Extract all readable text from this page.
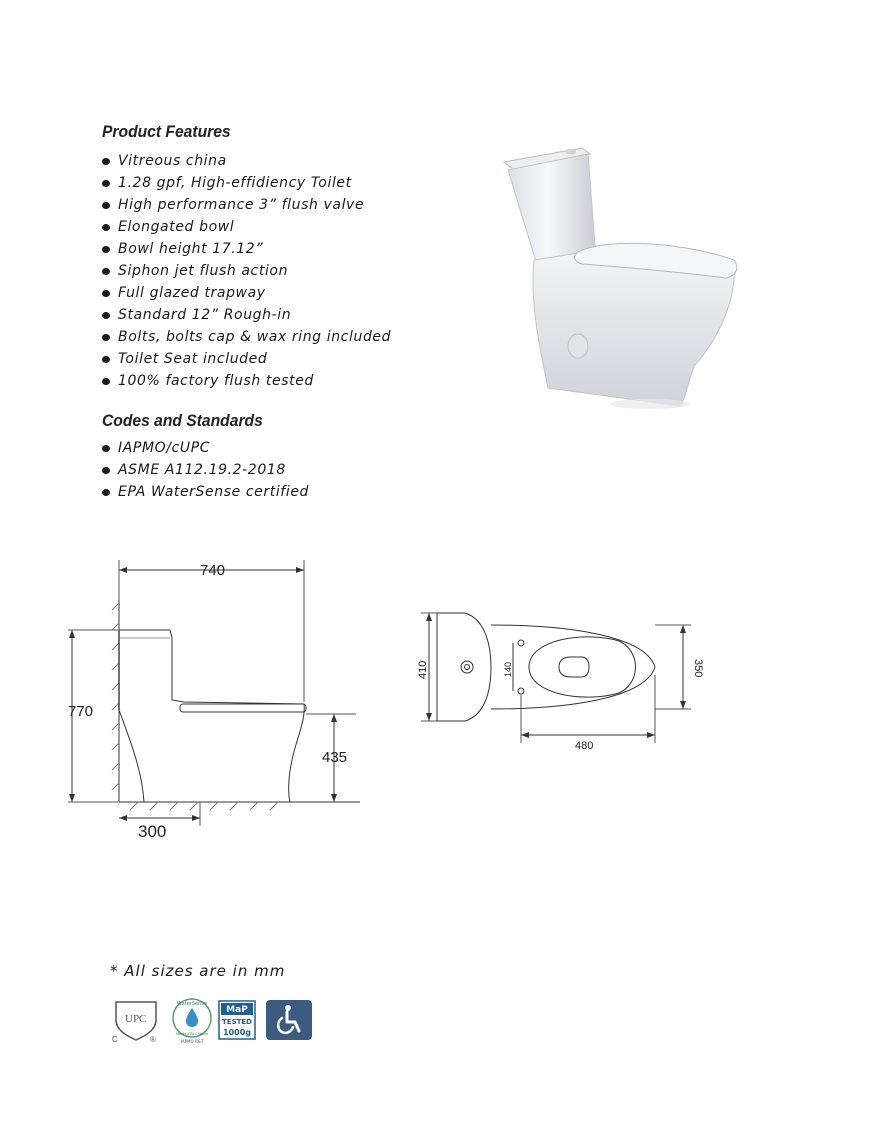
Product Features
Vitreous china
1.28 gpf, High-effidiency Toilet
High performance 3” flush valve
Elongated bowl
Bowl height 17.12”
Siphon jet flush action
Full glazed trapway
Standard 12” Rough-in
Bolts, bolts cap & wax ring included
Toilet Seat included
100% factory flush tested
Codes and Standards
IAPMO/cUPC
ASME A112.19.2-2018
EPA WaterSense certified
740
770
435
300
410	140	350
480
* All sizes are in mm
UPC
C	®
WaterSense
Meets EPA Criteria
IAPMO R&T
MaP
TESTED
1000g
